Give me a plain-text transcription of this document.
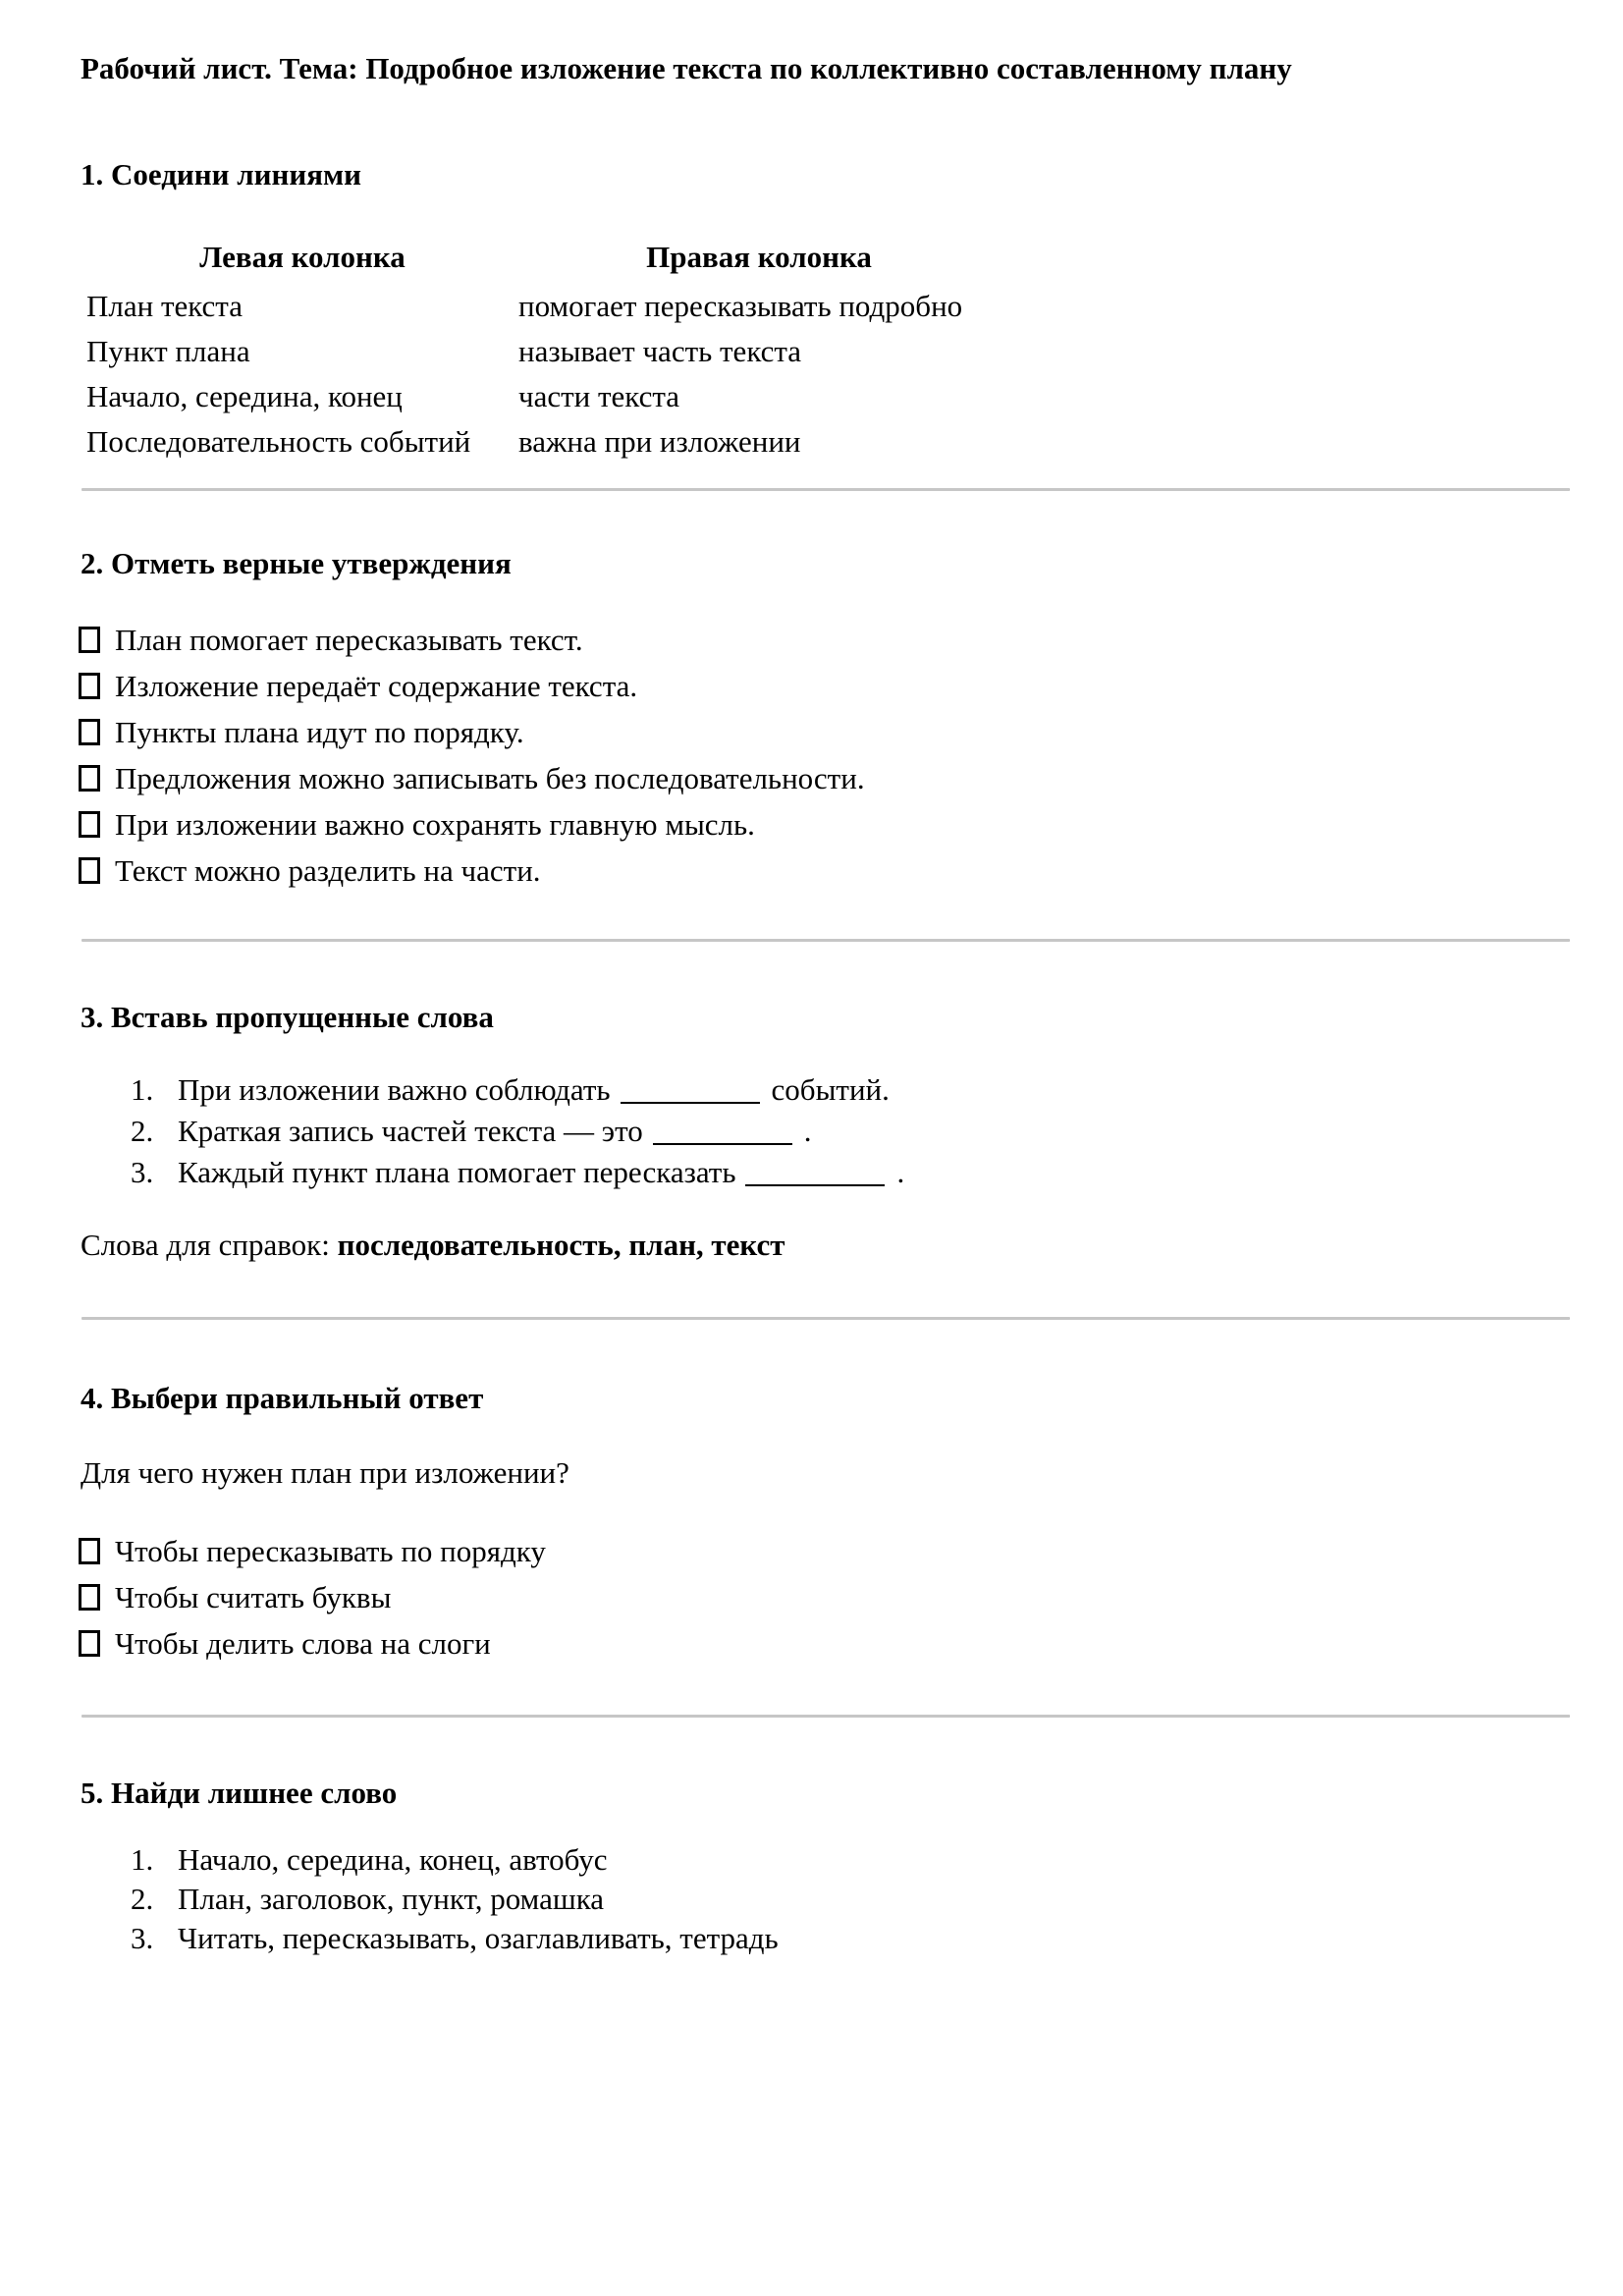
Рабочий лист. Тема: Подробное изложение текста по коллективно составленному плану
1. Соедини линиями
Левая колонка	Правая колонка
План текста	помогает пересказывать подробно
Пункт плана	называет часть текста
Начало, середина, конец	части текста
Последовательность событий	важна при изложении
2. Отметь верные утверждения
План помогает пересказывать текст.
Изложение передаёт содержание текста.
Пункты плана идут по порядку.
Предложения можно записывать без последовательности.
При изложении важно сохранять главную мысль.
Текст можно разделить на части.
3. Вставь пропущенные слова
1. При изложении важно соблюдать	событий.
2. Краткая запись частей текста — это	.
3. Каждый пункт плана помогает пересказать	.
Слова для справок: последовательность, план, текст
4. Выбери правильный ответ
Для чего нужен план при изложении?
Чтобы пересказывать по порядку
Чтобы считать буквы
Чтобы делить слова на слоги
5. Найди лишнее слово
1. Начало, середина, конец, автобус
2. План, заголовок, пункт, ромашка
3. Читать, пересказывать, озаглавливать, тетрадь
